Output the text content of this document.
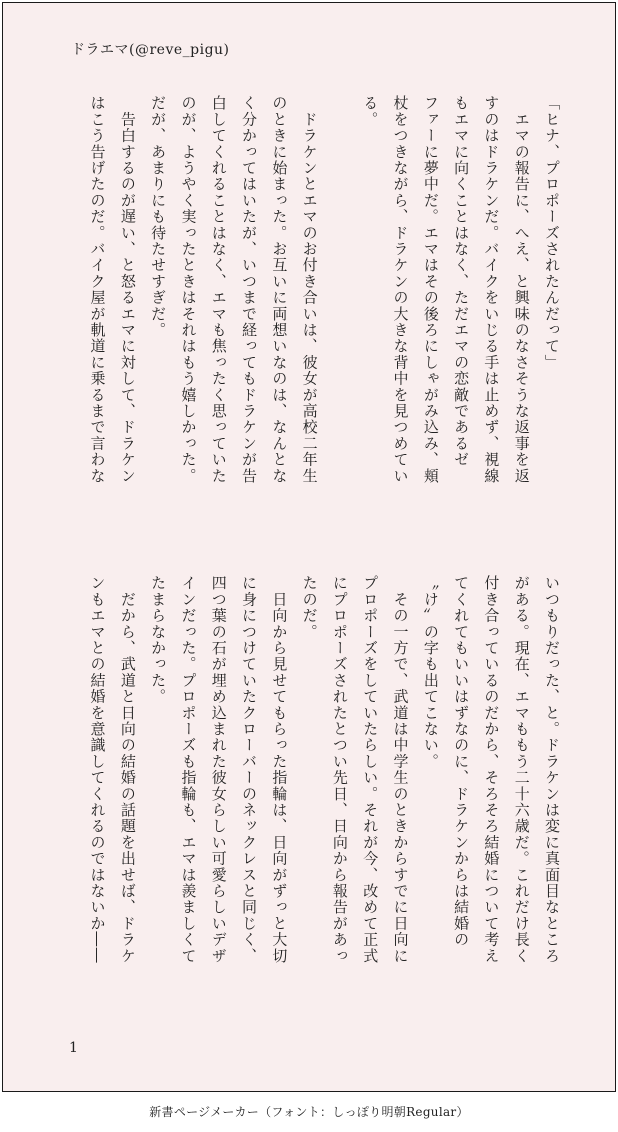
ドラエマ(@reve_pigu)
「ヒナ、プロポーズされたんだって」
　エマの報告に、へえ、と興味のなさそうな返事を返
すのはドラケンだ。バイクをいじる手は止めず、視線
もエマに向くことはなく、ただエマの恋敵であるゼ
ファーに夢中だ。エマはその後ろにしゃがみ込み、頬
杖をつきながら、ドラケンの大きな背中を見つめてい
る。

　ドラケンとエマのお付き合いは、彼女が高校二年生
のときに始まった。お互いに両想いなのは、なんとな
く分かってはいたが、いつまで経ってもドラケンが告
白してくれることはなく、エマも焦ったく思っていた
のが、ようやく実ったときはそれはもう嬉しかった。
だが、あまりにも待たせすぎだ。
　告白するのが遅い、と怒るエマに対して、ドラケン
はこう告げたのだ。バイク屋が軌道に乗るまで言わな
いつもりだった、と。ドラケンは変に真面目なところ
がある。現在、エマももう二十六歳だ。これだけ長く
付き合っているのだから、そろそろ結婚について考え
てくれてもいいはずなのに、ドラケンからは結婚の
〝け〟の字も出てこない。
　その一方で、武道は中学生のときからすでに日向に
プロポーズをしていたらしい。それが今、改めて正式
にプロポーズされたとつい先日、日向から報告があっ
たのだ。
　日向から見せてもらった指輪は、日向がずっと大切
に身につけていたクローバーのネックレスと同じく、
四つ葉の石が埋め込まれた彼女らしい可愛らしいデザ
インだった。プロポーズも指輪も、エマは羨ましくて
たまらなかった。
　だから、武道と日向の結婚の話題を出せば、ドラケ
ンもエマとの結婚を意識してくれるのではないか――
1
新書ページメーカー（フォント：しっぽり明朝Regular）
